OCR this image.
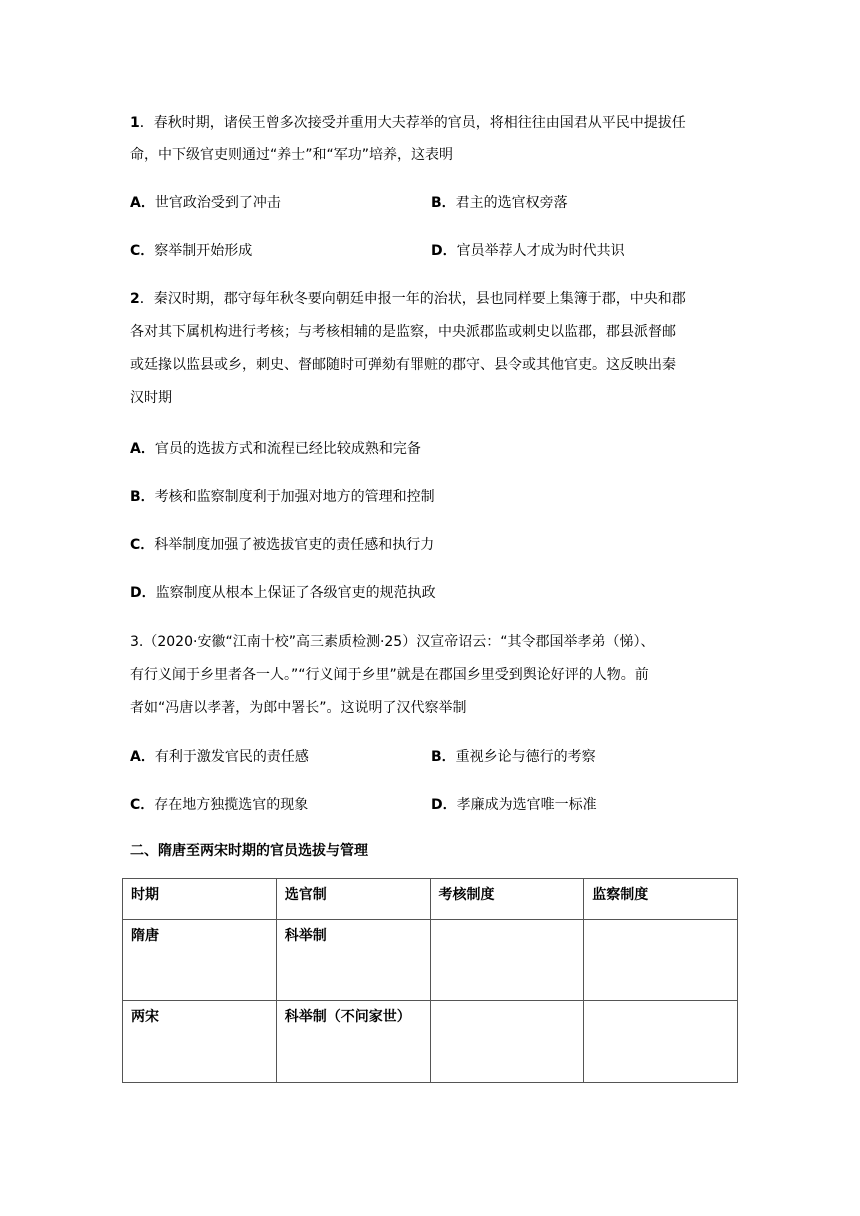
1．春秋时期，诸侯王曾多次接受并重用大夫荐举的官员，将相往往由国君从平民中提拔任
命，中下级官吏则通过“养士”和“军功”培养，这表明
A．世官政治受到了冲击	B．君主的选官权旁落
C．察举制开始形成	D．官员举荐人才成为时代共识
2．秦汉时期，郡守每年秋冬要向朝廷申报一年的治状，县也同样要上集簿于郡，中央和郡
各对其下属机构进行考核；与考核相辅的是监察，中央派郡监或刺史以监郡，郡县派督邮
或廷掾以监县或乡，刺史、督邮随时可弹劾有罪赃的郡守、县令或其他官吏。这反映出秦
汉时期
A．官员的选拔方式和流程已经比较成熟和完备
B．考核和监察制度利于加强对地方的管理和控制
C．科举制度加强了被选拔官吏的责任感和执行力
D．监察制度从根本上保证了各级官吏的规范执政
3.（2020·安徽“江南十校”高三素质检测·25）汉宣帝诏云：“其令郡国举孝弟（悌）、
有行义闻于乡里者各一人。”“行义闻于乡里”就是在郡国乡里受到舆论好评的人物。前
者如“冯唐以孝著，为郎中署长”。这说明了汉代察举制
A．有利于激发官民的责任感	B．重视乡论与德行的考察
C．存在地方独揽选官的现象	D．孝廉成为选官唯一标准
二、隋唐至两宋时期的官员选拔与管理
时期	选官制	考核制度	监察制度
隋唐	科举制		
两宋	科举制（不问家世）		
